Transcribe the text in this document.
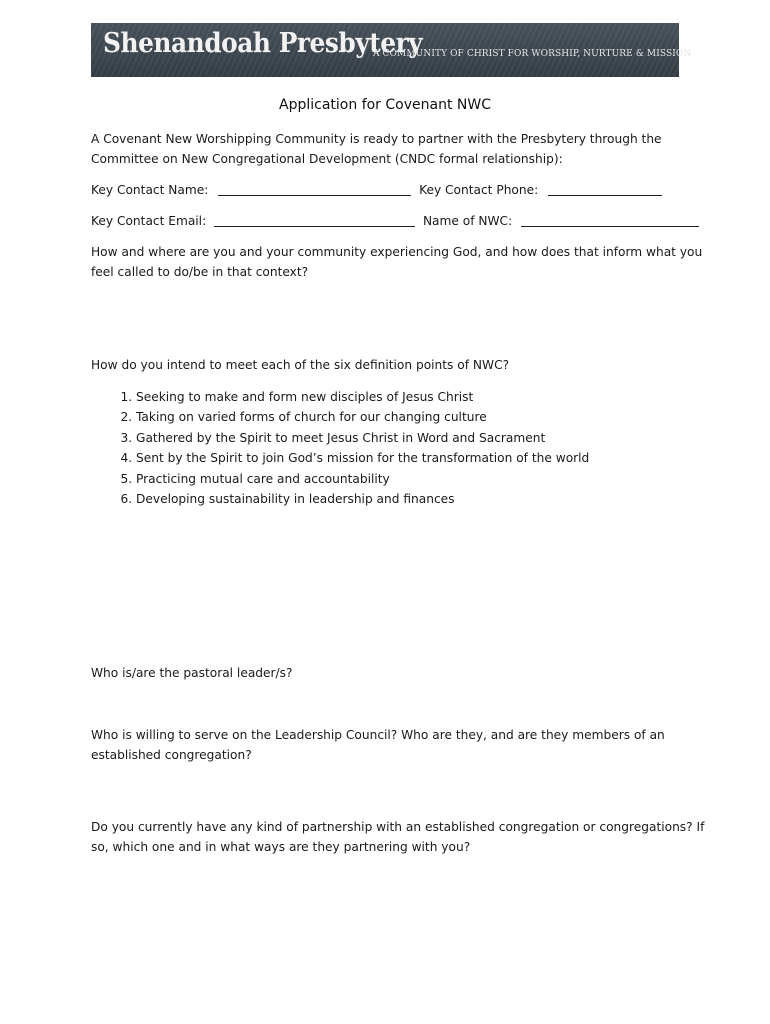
Shenandoah Presbytery
A COMMUNITY OF CHRIST FOR WORSHIP, NURTURE & MISSION
Application for Covenant NWC
A Covenant New Worshipping Community is ready to partner with the Presbytery through the
Committee on New Congregational Development (CNDC formal relationship):
Key Contact Name:	Key Contact Phone:
Key Contact Email:	Name of NWC:
How and where are you and your community experiencing God, and how does that inform what you
feel called to do/be in that context?
How do you intend to meet each of the six definition points of NWC?
1. Seeking to make and form new disciples of Jesus Christ
2. Taking on varied forms of church for our changing culture
3. Gathered by the Spirit to meet Jesus Christ in Word and Sacrament
4. Sent by the Spirit to join God’s mission for the transformation of the world
5. Practicing mutual care and accountability
6. Developing sustainability in leadership and finances
Who is/are the pastoral leader/s?
Who is willing to serve on the Leadership Council? Who are they, and are they members of an
established congregation?
Do you currently have any kind of partnership with an established congregation or congregations? If
so, which one and in what ways are they partnering with you?
